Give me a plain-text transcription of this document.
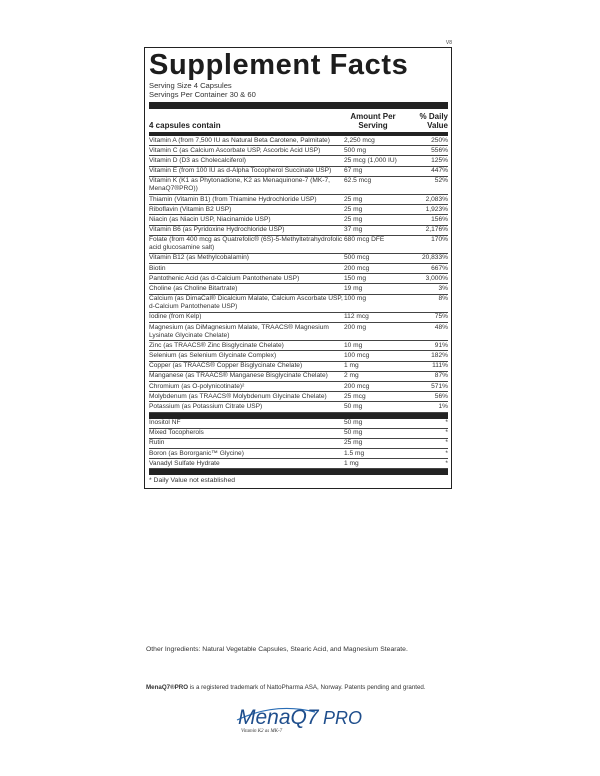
V8
Supplement Facts
Serving Size 4 Capsules
Servings Per Container 30 & 60
4 capsules contain
Amount Per Serving
% Daily Value
Vitamin A (from 7,500 IU as Natural Beta Carotene, Palmitate)	2,250 mcg	250%
Vitamin C (as Calcium Ascorbate USP, Ascorbic Acid USP)	500 mg	556%
Vitamin D (D3 as Cholecalciferol)	25 mcg (1,000 IU)	125%
Vitamin E (from 100 IU as d-Alpha Tocopherol Succinate USP)	67 mg	447%
Vitamin K (K1 as Phytonadione, K2 as Menaquinone-7 (MK-7, MenaQ7®PRO))
62.5 mcg	52%
Thiamin (Vitamin B1) (from Thiamine Hydrochloride USP)	25 mg	2,083%
Riboflavin (Vitamin B2 USP)	25 mg	1,923%
Niacin (as Niacin USP, Niacinamide USP)	25 mg	156%
Vitamin B6 (as Pyridoxine Hydrochloride USP)	37 mg	2,176%
Folate (from 400 mcg as Quatrefolic® (6S)-5-Methyltetrahydrofolic acid glucosamine salt)
680 mcg DFE	170%
Vitamin B12 (as Methylcobalamin)	500 mcg	20,833%
Biotin	200 mcg	667%
Pantothenic Acid (as d-Calcium Pantothenate USP)	150 mg	3,000%
Choline (as Choline Bitartrate)	19 mg	3%
Calcium (as DimaCal® Dicalcium Malate, Calcium Ascorbate USP, d-Calcium Pantothenate USP)
100 mg	8%
Iodine (from Kelp)	112 mcg	75%
Magnesium (as DiMagnesium Malate, TRAACS® Magnesium Lysinate Glycinate Chelate)
200 mg	48%
Zinc (as TRAACS® Zinc Bisglycinate Chelate)	10 mg	91%
Selenium (as Selenium Glycinate Complex)	100 mcg	182%
Copper (as TRAACS® Copper Bisglycinate Chelate)	1 mg	111%
Manganese (as TRAACS® Manganese Bisglycinate Chelate)	2 mg	87%
Chromium (as O-polynicotinate)²	200 mcg	571%
Molybdenum (as TRAACS® Molybdenum Glycinate Chelate)	25 mcg	56%
Potassium (as Potassium Citrate USP)	50 mg	1%
Inositol NF	50 mg	*
Mixed Tocopherols	50 mg	*
Rutin	25 mg	*
Boron (as Bororganic™ Glycine)	1.5 mg	*
Vanadyl Sulfate Hydrate	1 mg	*
* Daily Value not established
Other Ingredients: Natural Vegetable Capsules, Stearic Acid, and Magnesium Stearate.
MenaQ7®PRO is a registered trademark of NattoPharma ASA, Norway. Patents pending and granted.
MenaQ7 PRO
Vitamin K2 as MK-7
